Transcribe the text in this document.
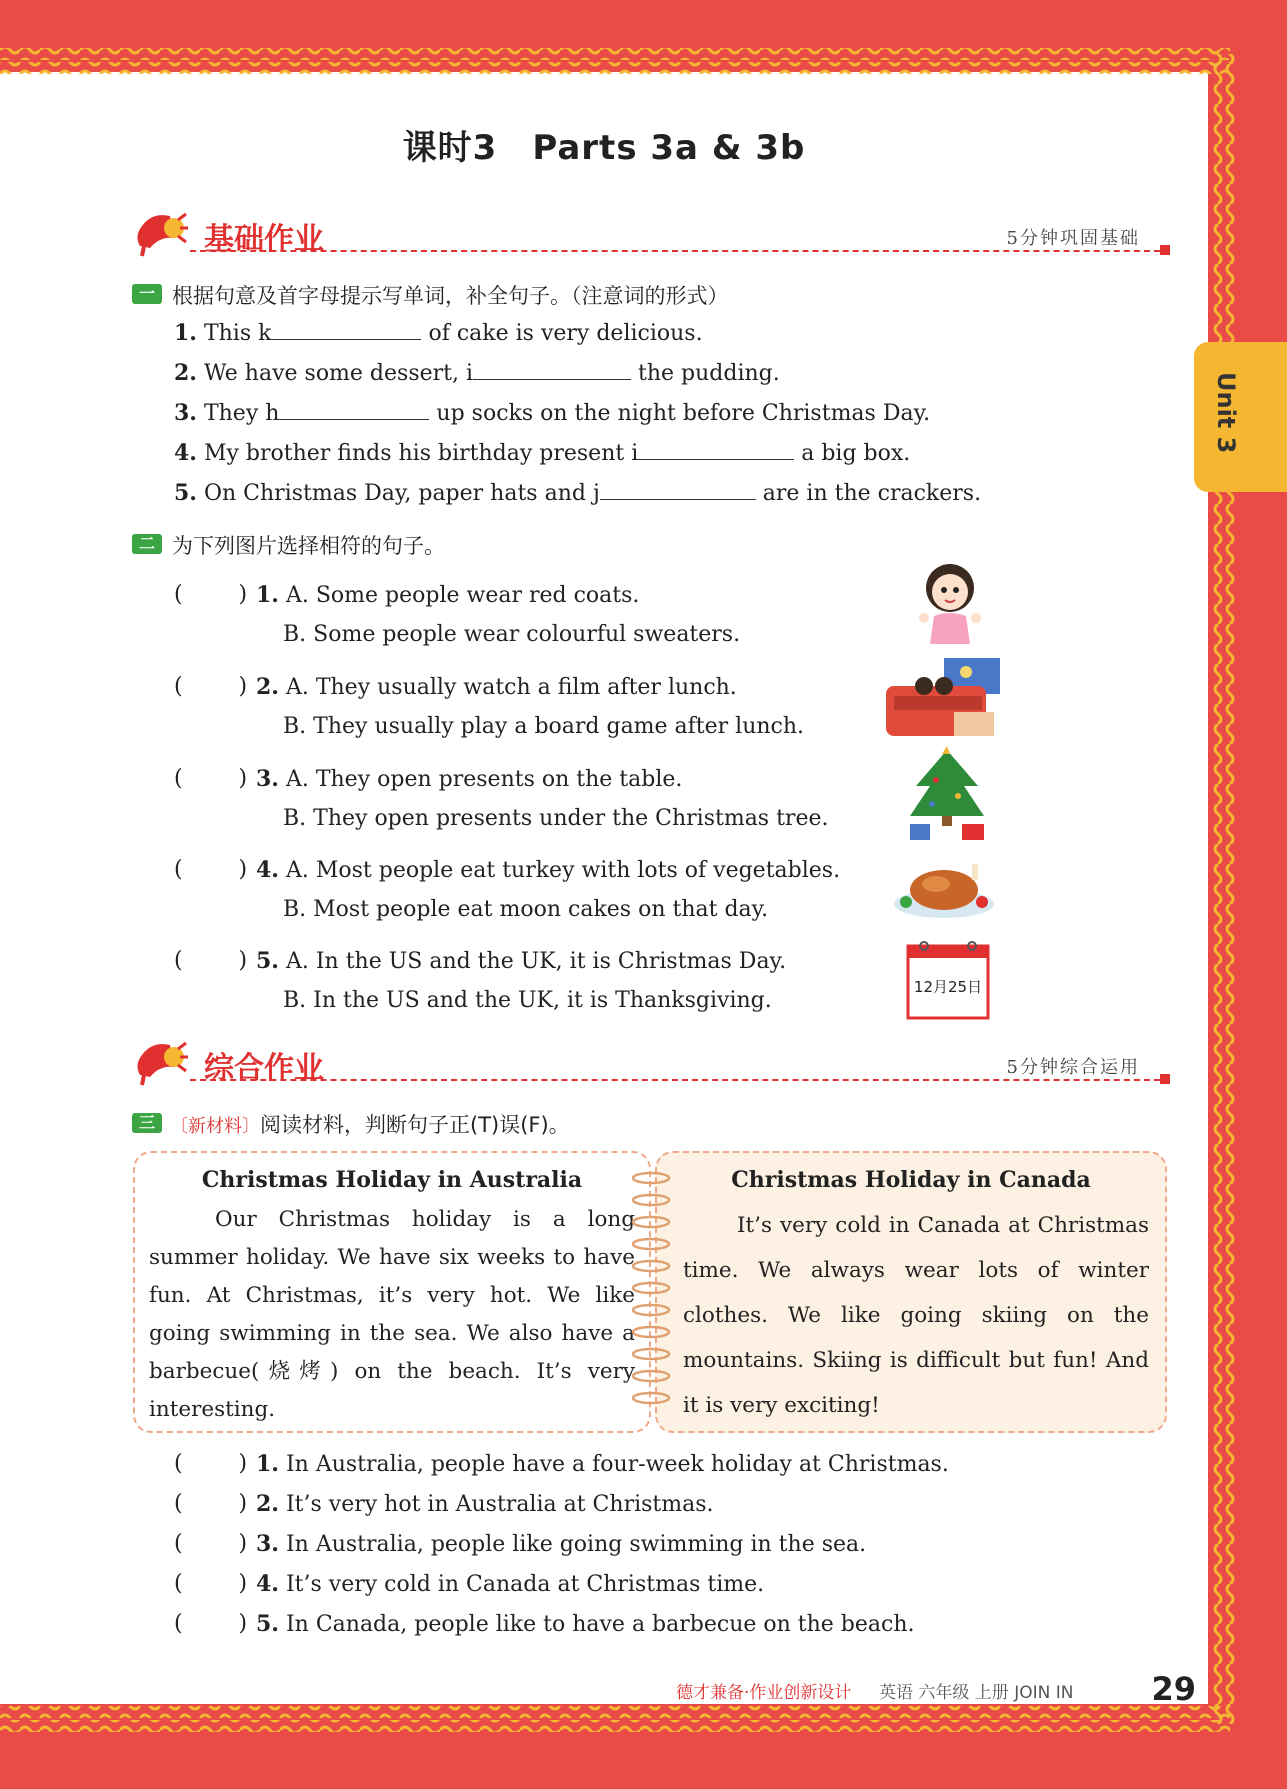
Unit 3
课时3　Parts 3a & 3b
基础作业	5分钟巩固基础
一 根据句意及首字母提示写单词，补全句子。（注意词的形式）
1. This k	of cake is very delicious.
2. We have some dessert, i	the pudding.
3. They h	up socks on the night before Christmas Day.
4. My brother finds his birthday present i	a big box.
5. On Christmas Day, paper hats and j	are in the crackers.
二 为下列图片选择相符的句子。
(        ) 1. A. Some people wear red coats.
B. Some people wear colourful sweaters.
(        ) 2. A. They usually watch a film after lunch.
B. They usually play a board game after lunch.
(        ) 3. A. They open presents on the table.
B. They open presents under the Christmas tree.
(        ) 4. A. Most people eat turkey with lots of vegetables.
B. Most people eat moon cakes on that day.
(        ) 5. A. In the US and the UK, it is Christmas Day.
B. In the US and the UK, it is Thanksgiving.
12月25日
综合作业	5分钟综合运用
三 〔新材料〕阅读材料，判断句子正(T)误(F)。
Christmas Holiday in Australia
Our Christmas holiday is a long summer holiday. We have six weeks to have fun. At Christmas, it’s very hot. We like going swimming in the sea. We also have a barbecue(烧烤) on the beach. It’s very interesting.
Christmas Holiday in Canada
It’s very cold in Canada at Christmas time. We always wear lots of winter clothes. We like going skiing on the mountains. Skiing is difficult but fun! And it is very exciting!
(        ) 1. In Australia, people have a four-week holiday at Christmas.
(        ) 2. It’s very hot in Australia at Christmas.
(        ) 3. In Australia, people like going swimming in the sea.
(        ) 4. It’s very cold in Canada at Christmas time.
(        ) 5. In Canada, people like to have a barbecue on the beach.
德才兼备·作业创新设计 英语 六年级 上册 JOIN IN 29
